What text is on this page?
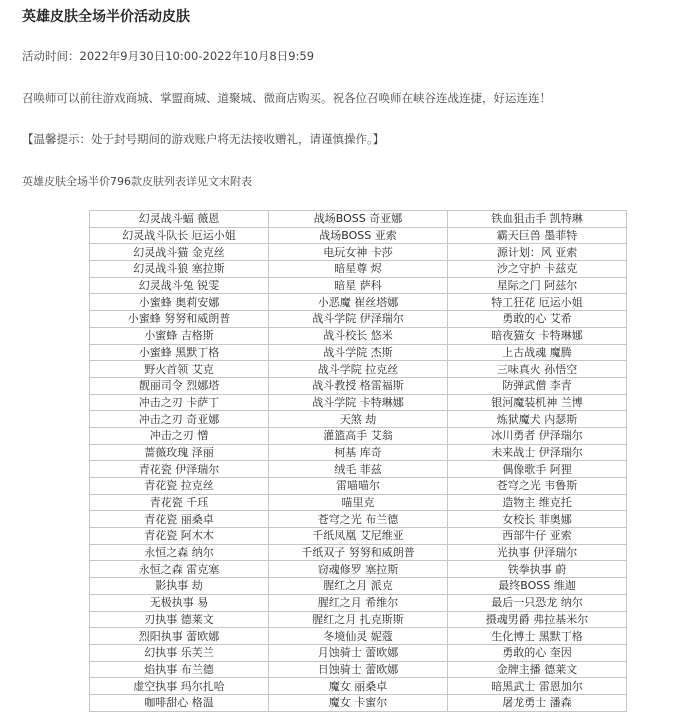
英雄皮肤全场半价活动皮肤
活动时间：2022年9月30日10:00-2022年10月8日9:59
召唤师可以前往游戏商城、掌盟商城、道聚城、微商店购买。祝各位召唤师在峡谷连战连捷，好运连连！
【温馨提示：处于封号期间的游戏账户将无法接收赠礼，请谨慎操作。】
英雄皮肤全场半价796款皮肤列表详见文末附表
幻灵战斗蝠 薇恩	战场BOSS 奇亚娜	铁血狙击手 凯特琳
幻灵战斗队长 厄运小姐	战场BOSS 亚索	霸天巨兽 墨菲特
幻灵战斗猫 金克丝	电玩女神 卡莎	源计划：风 亚索
幻灵战斗狼 塞拉斯	暗星尊 烬	沙之守护 卡兹克
幻灵战斗兔 锐雯	暗星 萨科	星际之门 阿兹尔
小蜜蜂 奥莉安娜	小恶魔 崔丝塔娜	特工狂花 厄运小姐
小蜜蜂 努努和威朗普	战斗学院 伊泽瑞尔	勇敢的心 艾希
小蜜蜂 吉格斯	战斗校长 悠米	暗夜猫女 卡特琳娜
小蜜蜂 黑默丁格	战斗学院 杰斯	上古战魂 魔腾
野火首领 艾克	战斗学院 拉克丝	三味真火 孙悟空
靓丽司令 烈娜塔	战斗教授 格雷福斯	防弹武僧 李青
冲击之刃 卡萨丁	战斗学院 卡特琳娜	银河魔装机神 兰博
冲击之刃 奇亚娜	天煞 劫	炼狱魔犬 内瑟斯
冲击之刃 憎	灌篮高手 艾翁	冰川勇者 伊泽瑞尔
蔷薇玫瑰 泽丽	柯基 库奇	未来战士 伊泽瑞尔
青花瓷 伊泽瑞尔	绒毛 菲兹	偶像歌手 阿狸
青花瓷 拉克丝	雷喵喵尔	苍穹之光 韦鲁斯
青花瓷 千珏	喵里克	造物主 维克托
青花瓷 丽桑卓	苍穹之光 布兰德	女校长 菲奥娜
青花瓷 阿木木	千纸凤凰 艾尼维亚	西部牛仔 亚索
永恒之森 纳尔	千纸双子 努努和威朗普	光执事 伊泽瑞尔
永恒之森 雷克塞	窃魂修罗 塞拉斯	铁拳执事 蔚
影执事 劫	腥红之月 派克	最终BOSS 维迦
无极执事 易	腥红之月 希维尔	最后一只恐龙 纳尔
刃执事 德莱文	腥红之月 扎克斯斯	摄魂男爵 弗拉基米尔
烈阳执事 蕾欧娜	冬境仙灵 妮蔻	生化博士 黑默丁格
幻执事 乐芙兰	月蚀骑士 蕾欧娜	勇敢的心 奎因
焰执事 布兰德	日蚀骑士 蕾欧娜	金牌主播 德莱文
虚空执事 玛尔扎哈	魔女 丽桑卓	暗黑武士 雷恩加尔
咖啡甜心 格温	魔女 卡蜜尔	屠龙勇士 潘森
